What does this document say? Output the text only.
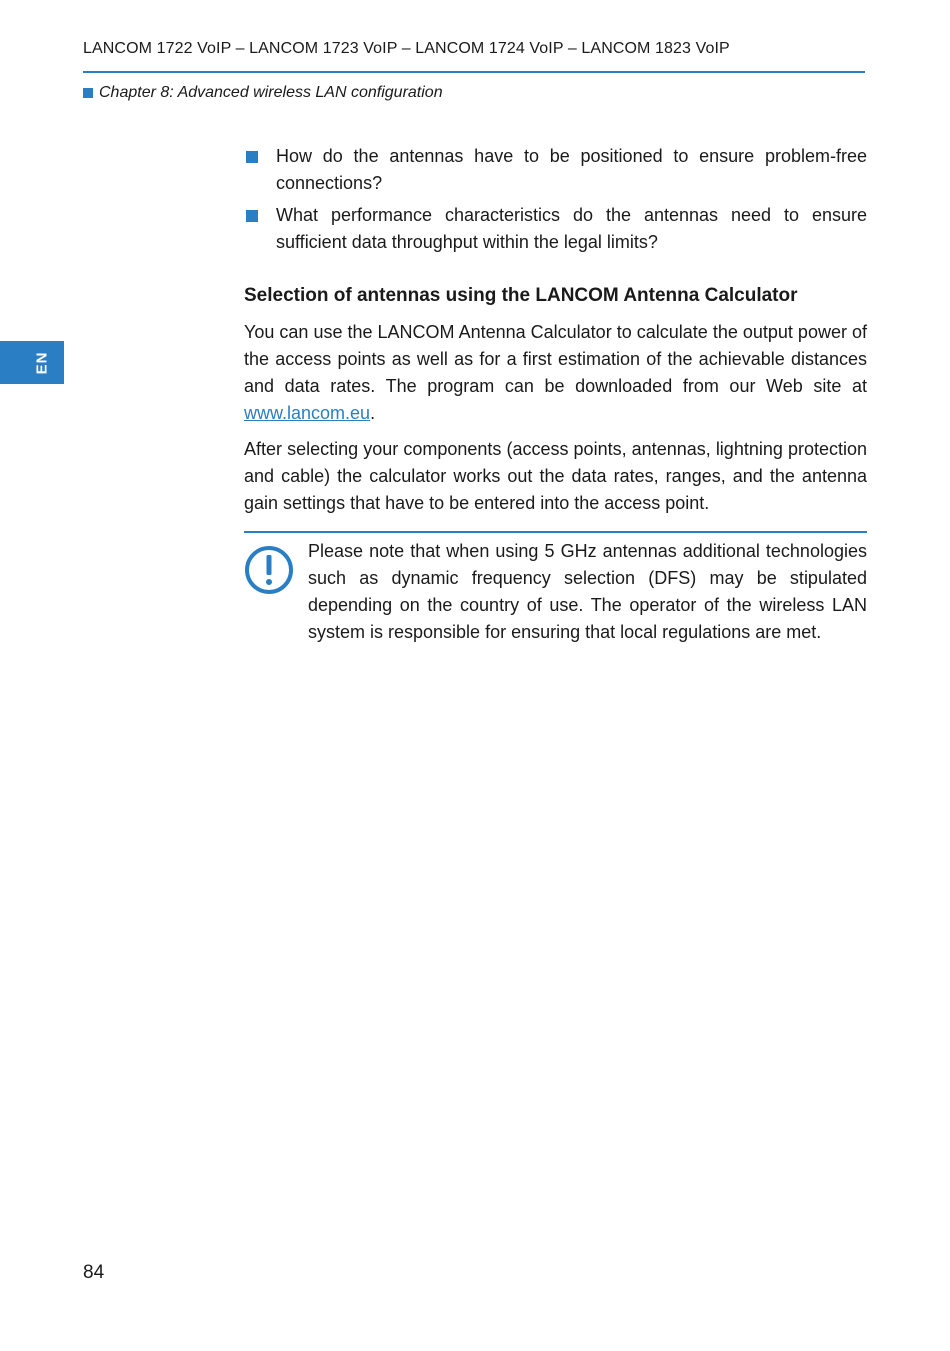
LANCOM 1722 VoIP – LANCOM 1723 VoIP – LANCOM 1724 VoIP – LANCOM 1823 VoIP
Chapter 8: Advanced wireless LAN configuration
EN
How do the antennas have to be positioned to ensure problem-free connections?
What performance characteristics do the antennas need to ensure sufficient data throughput within the legal limits?
Selection of antennas using the LANCOM Antenna Calculator

You can use the LANCOM Antenna Calculator to calculate the output power of the access points as well as for a first estimation of the achievable distances and data rates. The program can be downloaded from our Web site at www.lancom.eu.

After selecting your components (access points, antennas, lightning protection and cable) the calculator works out the data rates, ranges, and the antenna gain settings that have to be entered into the access point.

Please note that when using 5 GHz antennas additional technologies such as dynamic frequency selection (DFS) may be stipulated depending on the country of use. The operator of the wireless LAN system is responsible for ensuring that local regulations are met.

84
